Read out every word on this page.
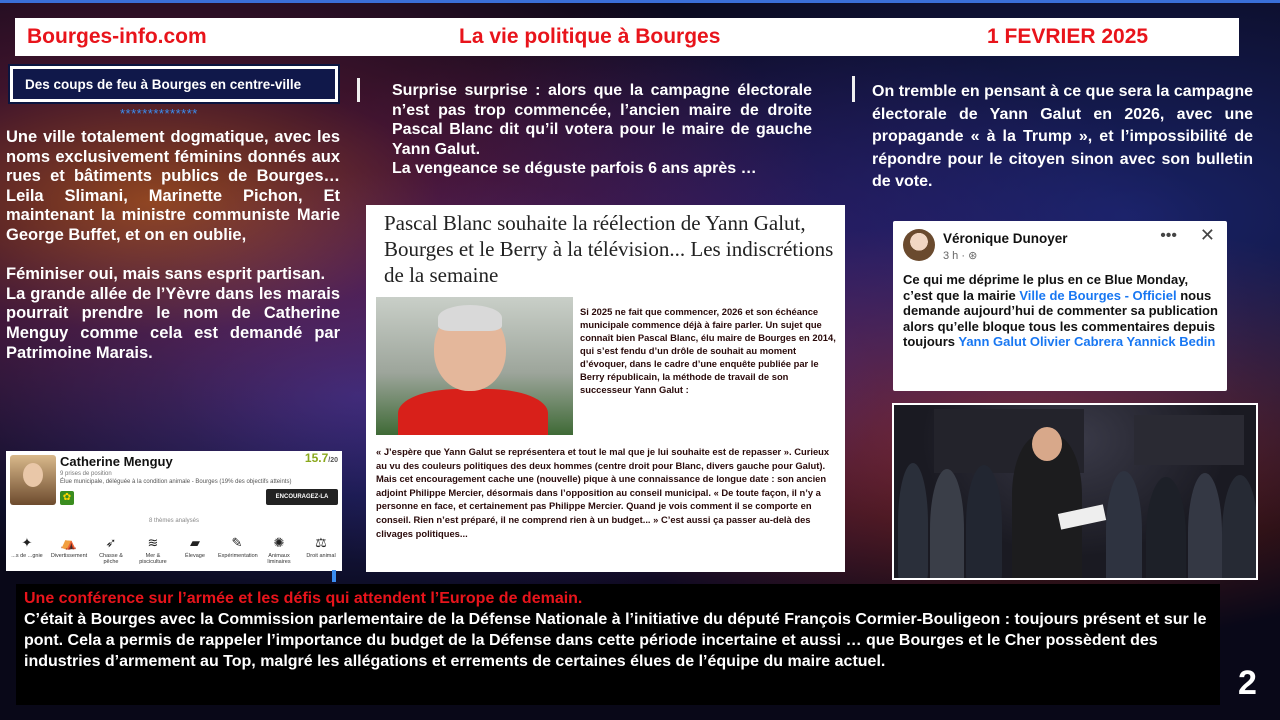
Bourges-info.com	La vie politique à Bourges	1 FEVRIER 2025
Des coups de feu à Bourges en centre-ville
**************

Une ville totalement dogmatique, avec les noms exclusivement féminins donnés aux rues et bâtiments publics de Bourges… Leila Slimani, Marinette Pichon, Et maintenant la ministre communiste Marie George Buffet, et on en oublie,

Féminiser oui, mais sans esprit partisan.

La grande allée de l’Yèvre dans les marais pourrait prendre le nom de Catherine Menguy comme cela est demandé par Patrimoine Marais.

Catherine Menguy	15.7/20
9 prises de position
Élue municipale, déléguée à la condition animale - Bourges (19% des objectifs atteints)
✿	ENCOURAGEZ-LA
8 thèmes analysés
✦
...s de ...gnie
⛺
Divertissement
➶
Chasse & pêche
≋
Mer & pisciculture
▰
Élevage
✎
Expérimentation
✺
Animaux liminaires
⚖
Droit animal

Surprise surprise : alors que la campagne électorale n’est pas trop commencée, l’ancien maire de droite Pascal Blanc dit qu’il votera pour le maire de gauche Yann Galut.

La vengeance se déguste parfois 6 ans après …

Pascal Blanc souhaite la réélection de Yann Galut, Bourges et le Berry à la télévision... Les indiscrétions de la semaine
Si 2025 ne fait que commencer, 2026 et son échéance municipale commence déjà à faire parler. Un sujet que connaît bien Pascal Blanc, élu maire de Bourges en 2014, qui s’est fendu d’un drôle de souhait au moment d’évoquer, dans le cadre d’une enquête publiée par le Berry républicain, la méthode de travail de son successeur Yann Galut :
« J’espère que Yann Galut se représentera et tout le mal que je lui souhaite est de repasser ». Curieux au vu des couleurs politiques des deux hommes (centre droit pour Blanc, divers gauche pour Galut). Mais cet encouragement cache une (nouvelle) pique à une connaissance de longue date : son ancien adjoint Philippe Mercier, désormais dans l’opposition au conseil municipal. « De toute façon, il n’y a personne en face, et certainement pas Philippe Mercier. Quand je vois comment il se comporte en conseil. Rien n’est préparé, il ne comprend rien à un budget... » C’est aussi ça passer au-delà des clivages politiques...
On tremble en pensant à ce que sera la campagne électorale de Yann Galut en 2026, avec une propagande « à la Trump », et l’impossibilité de répondre pour le citoyen sinon avec son bulletin de vote.
Véronique Dunoyer
3 h · ⊛
••• ✕
Ce qui me déprime le plus en ce Blue Monday, c’est que la mairie Ville de Bourges - Officiel nous demande aujourd’hui de commenter sa publication alors qu’elle bloque tous les commentaires depuis toujours Yann Galut Olivier Cabrera Yannick Bedin
Une conférence sur l’armée et les défis qui attendent l’Europe de demain.
C’était à Bourges avec la Commission parlementaire de la Défense Nationale à l’initiative du député François Cormier-Bouligeon : toujours présent et sur le pont. Cela a permis de rappeler l’importance du budget de la Défense dans cette période incertaine et aussi … que Bourges et le Cher possèdent des industries d’armement au Top, malgré les allégations et errements de certaines élues de l’équipe du maire actuel.
2
